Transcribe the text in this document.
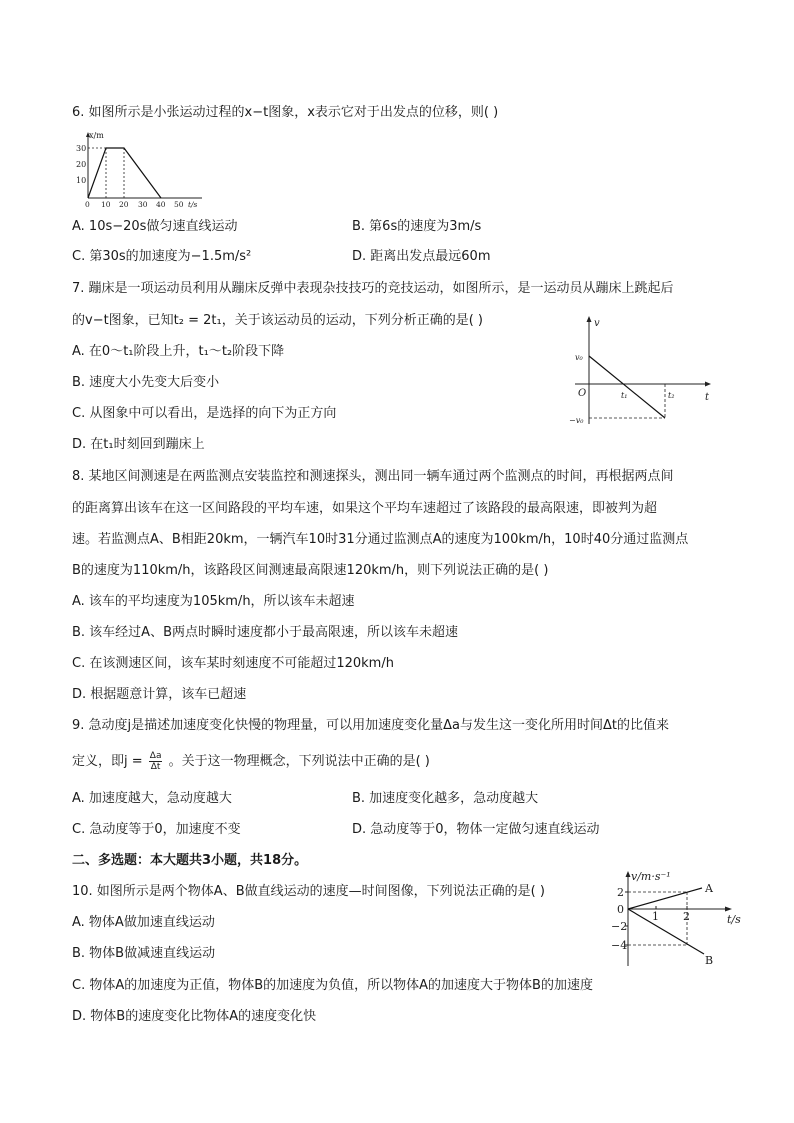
6. 如图所示是小张运动过程的x−t图象，x表示它对于出发点的位移，则( )
x/m
30
20
10
0 10 20 30 40 50 t/s
A. 10s−20s做匀速直线运动	B. 第6s的速度为3m/s
C. 第30s的加速度为−1.5m/s²	D. 距离出发点最远60m
7. 蹦床是一项运动员利用从蹦床反弹中表现杂技技巧的竞技运动，如图所示，是一运动员从蹦床上跳起后
的v−t图象，已知t₂ = 2t₁，关于该运动员的运动，下列分析正确的是( )
A. 在0～t₁阶段上升，t₁～t₂阶段下降
B. 速度大小先变大后变小
C. 从图象中可以看出，是选择的向下为正方向
D. 在t₁时刻回到蹦床上
v
t
O
v₀
−v₀
t₁	t₂
8. 某地区间测速是在两监测点安装监控和测速探头，测出同一辆车通过两个监测点的时间，再根据两点间
的距离算出该车在这一区间路段的平均车速，如果这个平均车速超过了该路段的最高限速，即被判为超
速。若监测点A、B相距20km，一辆汽车10时31分通过监测点A的速度为100km/h，10时40分通过监测点
B的速度为110km/h，该路段区间测速最高限速120km/h，则下列说法正确的是( )
A. 该车的平均速度为105km/h，所以该车未超速
B. 该车经过A、B两点时瞬时速度都小于最高限速，所以该车未超速
C. 在该测速区间，该车某时刻速度不可能超过120km/h
D. 根据题意计算，该车已超速
9. 急动度j是描述加速度变化快慢的物理量，可以用加速度变化量Δa与发生这一变化所用时间Δt的比值来
定义，即$j = \frac{\Delta a}{\Delta t}$ 。关于这一物理概念，下列说法中正确的是( )
A. 加速度越大，急动度越大	B. 加速度变化越多，急动度越大
C. 急动度等于0，加速度不变	D. 急动度等于0，物体一定做匀速直线运动
二、多选题：本大题共3小题，共18分。
10. 如图所示是两个物体A、B做直线运动的速度—时间图像，下列说法正确的是( )
A. 物体A做加速直线运动
B. 物体B做减速直线运动
C. 物体A的加速度为正值，物体B的加速度为负值，所以物体A的加速度大于物体B的加速度
D. 物体B的速度变化比物体A的速度变化快
v/m·s⁻¹
t/s
2
0
−2
−4
1 2
A
B
